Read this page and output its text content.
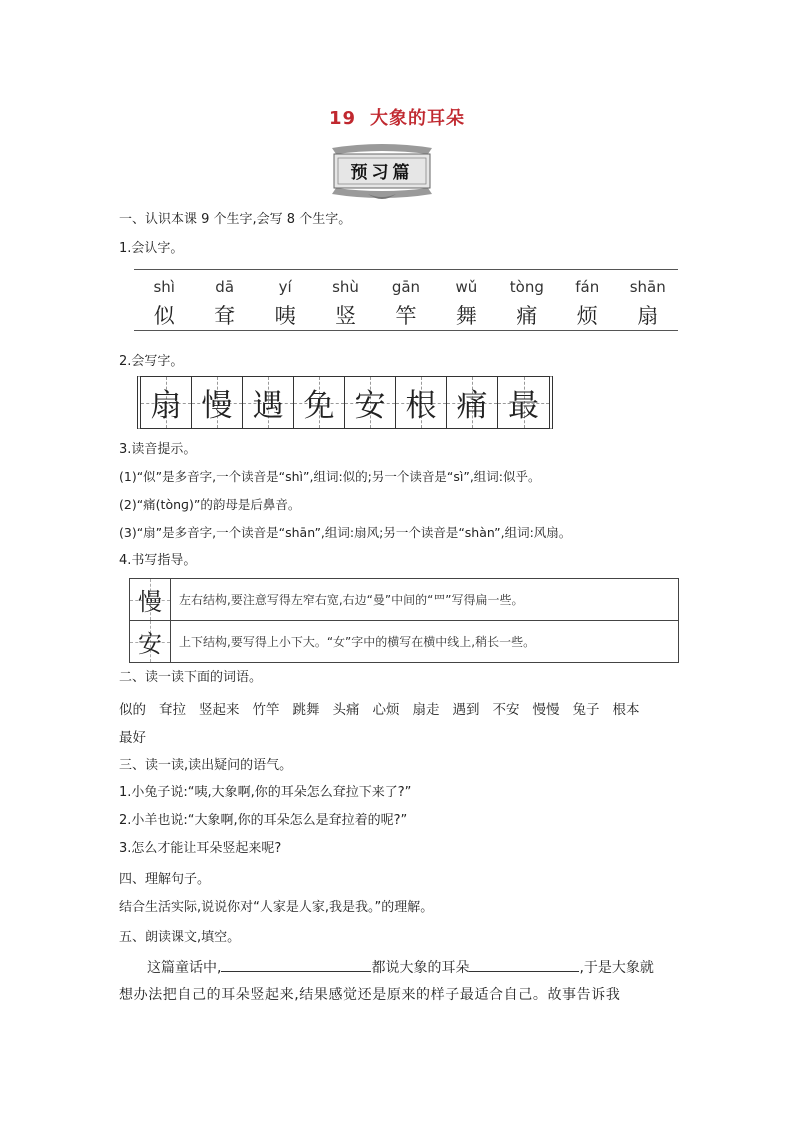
19 大象的耳朵
预习篇
一、认识本课 9 个生字,会写 8 个生字。
1.会认字。
shì	dā	yí	shù	gān	wǔ	tòng	fán	shān
似	耷	咦	竖	竿	舞	痛	烦	扇
2.会写字。
扇 慢 遇 免 安 根 痛 最
3.读音提示。
(1)“似”是多音字,一个读音是“shì”,组词:似的;另一个读音是“sì”,组词:似乎。
(2)“痛(tònɡ)”的韵母是后鼻音。
(3)“扇”是多音字,一个读音是“shān”,组词:扇风;另一个读音是“shàn”,组词:风扇。
4.书写指导。
慢	左右结构,要注意写得左窄右宽,右边“曼”中间的“罒”写得扁一些。
安	上下结构,要写得上小下大。“女”字中的横写在横中线上,稍长一些。
二、读一读下面的词语。
似的 耷拉 竖起来 竹竿 跳舞 头痛 心烦 扇走 遇到 不安 慢慢 兔子 根本
最好
三、读一读,读出疑问的语气。
1.小兔子说:“咦,大象啊,你的耳朵怎么耷拉下来了?”
2.小羊也说:“大象啊,你的耳朵怎么是耷拉着的呢?”
3.怎么才能让耳朵竖起来呢?
四、理解句子。
结合生活实际,说说你对“人家是人家,我是我。”的理解。
五、朗读课文,填空。
这篇童话中,	都说大象的耳朵	,于是大象就
想办法把自己的耳朵竖起来,结果感觉还是原来的样子最适合自己。故事告诉我
